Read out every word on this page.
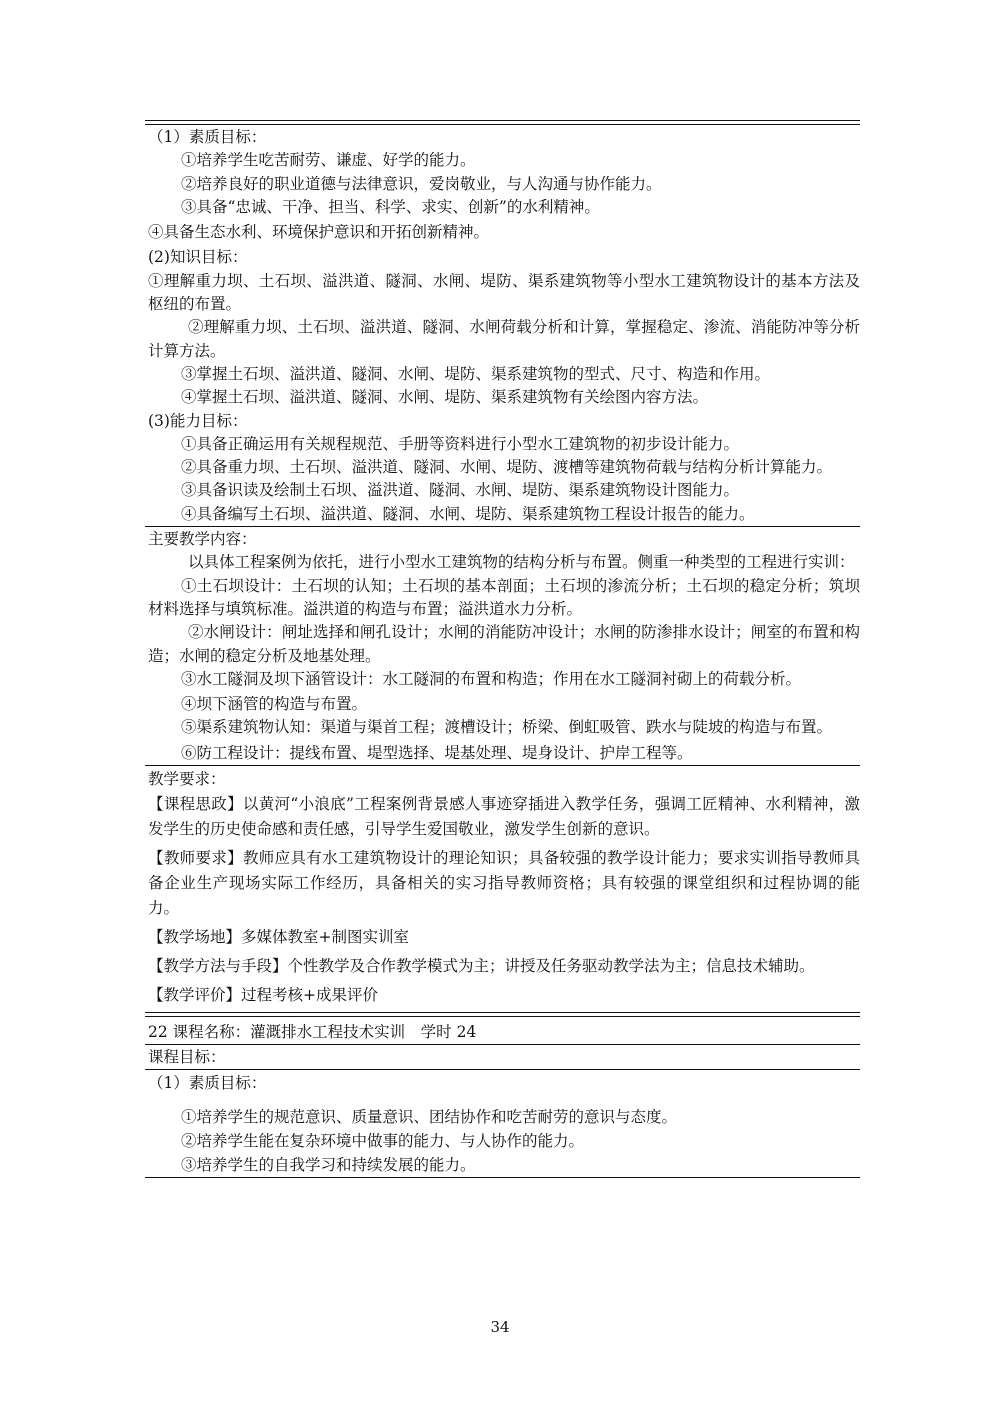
（1）素质目标：
①培养学生吃苦耐劳、谦虚、好学的能力。
②培养良好的职业道德与法律意识，爱岗敬业，与人沟通与协作能力。
③具备“忠诚、干净、担当、科学、求实、创新”的水利精神。
④具备生态水利、环境保护意识和开拓创新精神。
(2)知识目标：
①理解重力坝、土石坝、溢洪道、隧洞、水闸、堤防、渠系建筑物等小型水工建筑物设计的基本方法及枢纽的布置。
②理解重力坝、土石坝、溢洪道、隧洞、水闸荷载分析和计算，掌握稳定、渗流、消能防冲等分析计算方法。
③掌握土石坝、溢洪道、隧洞、水闸、堤防、渠系建筑物的型式、尺寸、构造和作用。
④掌握土石坝、溢洪道、隧洞、水闸、堤防、渠系建筑物有关绘图内容方法。
(3)能力目标：
①具备正确运用有关规程规范、手册等资料进行小型水工建筑物的初步设计能力。
②具备重力坝、土石坝、溢洪道、隧洞、水闸、堤防、渡槽等建筑物荷载与结构分析计算能力。
③具备识读及绘制土石坝、溢洪道、隧洞、水闸、堤防、渠系建筑物设计图能力。
④具备编写土石坝、溢洪道、隧洞、水闸、堤防、渠系建筑物工程设计报告的能力。
主要教学内容：
以具体工程案例为依托，进行小型水工建筑物的结构分析与布置。侧重一种类型的工程进行实训：
①土石坝设计：土石坝的认知；土石坝的基本剖面；土石坝的渗流分析；土石坝的稳定分析；筑坝材料选择与填筑标准。溢洪道的构造与布置；溢洪道水力分析。
②水闸设计：闸址选择和闸孔设计；水闸的消能防冲设计；水闸的防渗排水设计；闸室的布置和构造；水闸的稳定分析及地基处理。
③水工隧洞及坝下涵管设计：水工隧洞的布置和构造；作用在水工隧洞衬砌上的荷载分析。
④坝下涵管的构造与布置。
⑤渠系建筑物认知：渠道与渠首工程；渡槽设计；桥梁、倒虹吸管、跌水与陡坡的构造与布置。
⑥防工程设计：提线布置、堤型选择、堤基处理、堤身设计、护岸工程等。
教学要求：
【课程思政】以黄河“小浪底”工程案例背景感人事迹穿插进入教学任务，强调工匠精神、水利精神，激发学生的历史使命感和责任感，引导学生爱国敬业，激发学生创新的意识。
【教师要求】教师应具有水工建筑物设计的理论知识；具备较强的教学设计能力；要求实训指导教师具备企业生产现场实际工作经历，具备相关的实习指导教师资格；具有较强的课堂组织和过程协调的能力。
【教学场地】多媒体教室+制图实训室
【教学方法与手段】个性教学及合作教学模式为主；讲授及任务驱动教学法为主；信息技术辅助。
【教学评价】过程考核+成果评价
22 课程名称：灌溉排水工程技术实训　学时 24
课程目标：
（1）素质目标：
①培养学生的规范意识、质量意识、团结协作和吃苦耐劳的意识与态度。
②培养学生能在复杂环境中做事的能力、与人协作的能力。
③培养学生的自我学习和持续发展的能力。
34
